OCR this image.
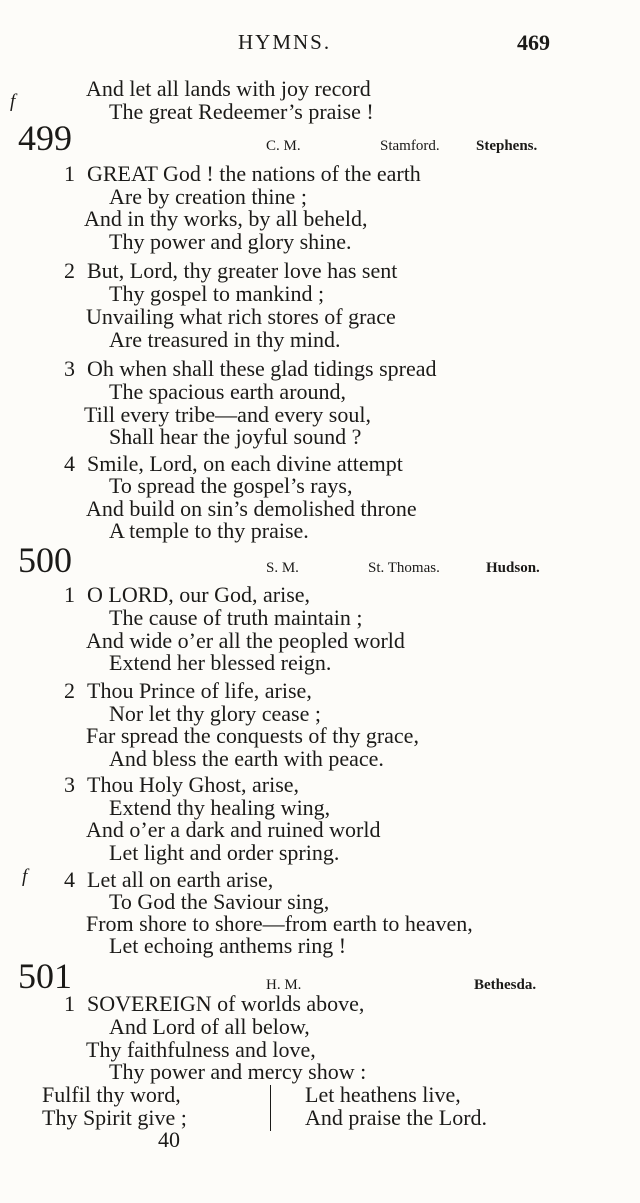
HYMNS.	469
And let all lands with joy record
f	The great Redeemer’s praise !
499	C. M.	Stamford. Stephens.
1 GREAT God ! the nations of the earth
Are by creation thine ;
And in thy works, by all beheld,
Thy power and glory shine.
2 But, Lord, thy greater love has sent
Thy gospel to mankind ;
Unvailing what rich stores of grace
Are treasured in thy mind.
3 Oh when shall these glad tidings spread
The spacious earth around,
Till every tribe—and every soul,
Shall hear the joyful sound ?
4 Smile, Lord, on each divine attempt
To spread the gospel’s rays,
And build on sin’s demolished throne
A temple to thy praise.
500	S. M.	St. Thomas.	Hudson.
1 O LORD, our God, arise,
The cause of truth maintain ;
And wide o’er all the peopled world
Extend her blessed reign.
2 Thou Prince of life, arise,
Nor let thy glory cease ;
Far spread the conquests of thy grace,
And bless the earth with peace.
3 Thou Holy Ghost, arise,
Extend thy healing wing,
And o’er a dark and ruined world
Let light and order spring.
f 4 Let all on earth arise,
To God the Saviour sing,
From shore to shore—from earth to heaven,
Let echoing anthems ring !
501	H. M.	Bethesda.
1 SOVEREIGN of worlds above,
And Lord of all below,
Thy faithfulness and love,
Thy power and mercy show :
Fulfil thy word,
Thy Spirit give ;
Let heathens live,
And praise the Lord.
40
